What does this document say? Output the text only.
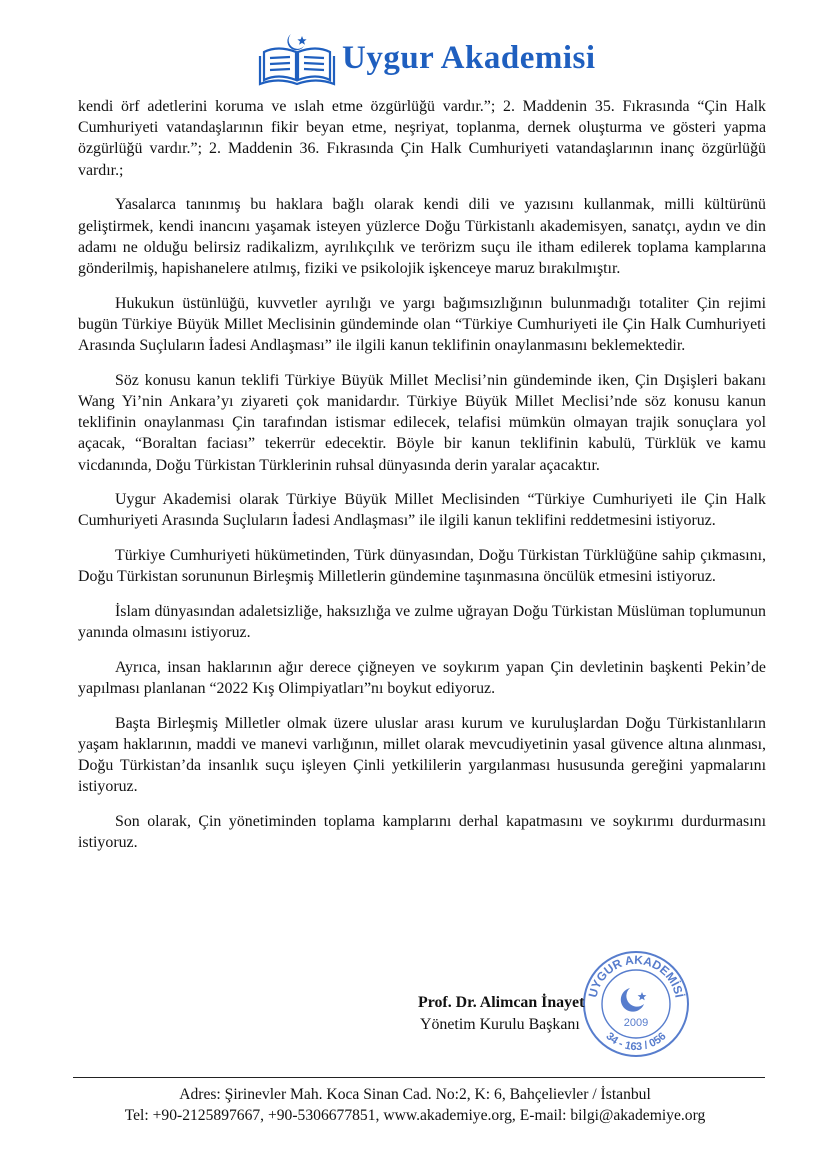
Uygur Akademisi

kendi örf adetlerini koruma ve ıslah etme özgürlüğü vardır.”; 2. Maddenin 35. Fıkrasında “Çin Halk Cumhuriyeti vatandaşlarının fikir beyan etme, neşriyat, toplanma, dernek oluşturma ve gösteri yapma özgürlüğü vardır.”; 2. Maddenin 36. Fıkrasında Çin Halk Cumhuriyeti vatandaşlarının inanç özgürlüğü vardır.;

Yasalarca tanınmış bu haklara bağlı olarak kendi dili ve yazısını kullanmak, milli kültürünü geliştirmek, kendi inancını yaşamak isteyen yüzlerce Doğu Türkistanlı akademisyen, sanatçı, aydın ve din adamı ne olduğu belirsiz radikalizm, ayrılıkçılık ve terörizm suçu ile itham edilerek toplama kamplarına gönderilmiş, hapishanelere atılmış, fiziki ve psikolojik işkenceye maruz bırakılmıştır.

Hukukun üstünlüğü, kuvvetler ayrılığı ve yargı bağımsızlığının bulunmadığı totaliter Çin rejimi bugün Türkiye Büyük Millet Meclisinin gündeminde olan “Türkiye Cumhuriyeti ile Çin Halk Cumhuriyeti Arasında Suçluların İadesi Andlaşması” ile ilgili kanun teklifinin onaylanmasını beklemektedir.

Söz konusu kanun teklifi Türkiye Büyük Millet Meclisi’nin gündeminde iken, Çin Dışişleri bakanı Wang Yi’nin Ankara’yı ziyareti çok manidardır. Türkiye Büyük Millet Meclisi’nde söz konusu kanun teklifinin onaylanması Çin tarafından istismar edilecek, telafisi mümkün olmayan trajik sonuçlara yol açacak, “Boraltan faciası” tekerrür edecektir. Böyle bir kanun teklifinin kabulü, Türklük ve kamu vicdanında, Doğu Türkistan Türklerinin ruhsal dünyasında derin yaralar açacaktır.

Uygur Akademisi olarak Türkiye Büyük Millet Meclisinden “Türkiye Cumhuriyeti ile Çin Halk Cumhuriyeti Arasında Suçluların İadesi Andlaşması” ile ilgili kanun teklifini reddetmesini istiyoruz.

Türkiye Cumhuriyeti hükümetinden, Türk dünyasından, Doğu Türkistan Türklüğüne sahip çıkmasını, Doğu Türkistan sorununun Birleşmiş Milletlerin gündemine taşınmasına öncülük etmesini istiyoruz.

İslam dünyasından adaletsizliğe, haksızlığa ve zulme uğrayan Doğu Türkistan Müslüman toplumunun yanında olmasını istiyoruz.

Ayrıca, insan haklarının ağır derece çiğneyen ve soykırım yapan Çin devletinin başkenti Pekin’de yapılması planlanan “2022 Kış Olimpiyatları”nı boykut ediyoruz.

Başta Birleşmiş Milletler olmak üzere uluslar arası kurum ve kuruluşlardan Doğu Türkistanlıların yaşam haklarının, maddi ve manevi varlığının, millet olarak mevcudiyetinin yasal güvence altına alınması, Doğu Türkistan’da insanlık suçu işleyen Çinli yetkililerin yargılanması hususunda gereğini yapmalarını istiyoruz.

Son olarak, Çin yönetiminden toplama kamplarını derhal kapatmasını ve soykırımı durdurmasını istiyoruz.

UYGUR AKADEMİSİ
34 - 163 / 056
2009
Prof. Dr. Alimcan İnayet
Yönetim Kurulu Başkanı
Adres: Şirinevler Mah. Koca Sinan Cad. No:2, K: 6, Bahçelievler / İstanbul
Tel: +90-2125897667, +90-5306677851, www.akademiye.org, E-mail: bilgi@akademiye.org
